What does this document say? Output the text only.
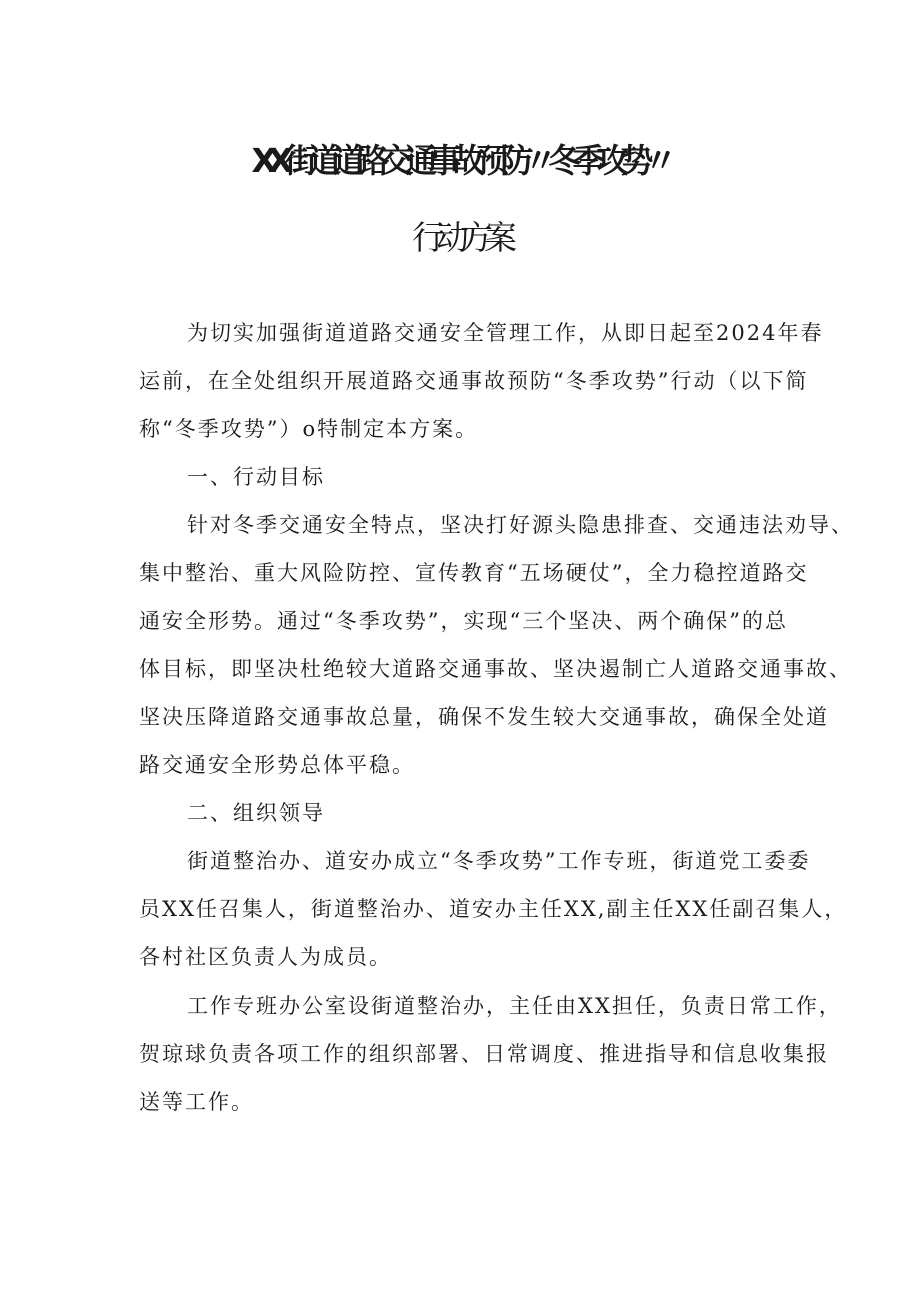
XX街道道路交通事故预防〃冬季攻势〃
行动方案
为切实加强街道道路交通安全管理工作，从即日起至2024年春
运前，在全处组织开展道路交通事故预防“冬季攻势”行动（以下简
称“冬季攻势”）o特制定本方案。
一、行动目标
针对冬季交通安全特点，坚决打好源头隐患排查、交通违法劝导、
集中整治、重大风险防控、宣传教育“五场硬仗”，全力稳控道路交
通安全形势。通过“冬季攻势”，实现“三个坚决、两个确保”的总
体目标，即坚决杜绝较大道路交通事故、坚决遏制亡人道路交通事故、
坚决压降道路交通事故总量，确保不发生较大交通事故，确保全处道
路交通安全形势总体平稳。
二、组织领导
街道整治办、道安办成立“冬季攻势”工作专班，街道党工委委
员XX任召集人，街道整治办、道安办主任XX,副主任XX任副召集人，
各村社区负责人为成员。
工作专班办公室设街道整治办，主任由XX担任，负责日常工作，
贺琼球负责各项工作的组织部署、日常调度、推进指导和信息收集报
送等工作。
